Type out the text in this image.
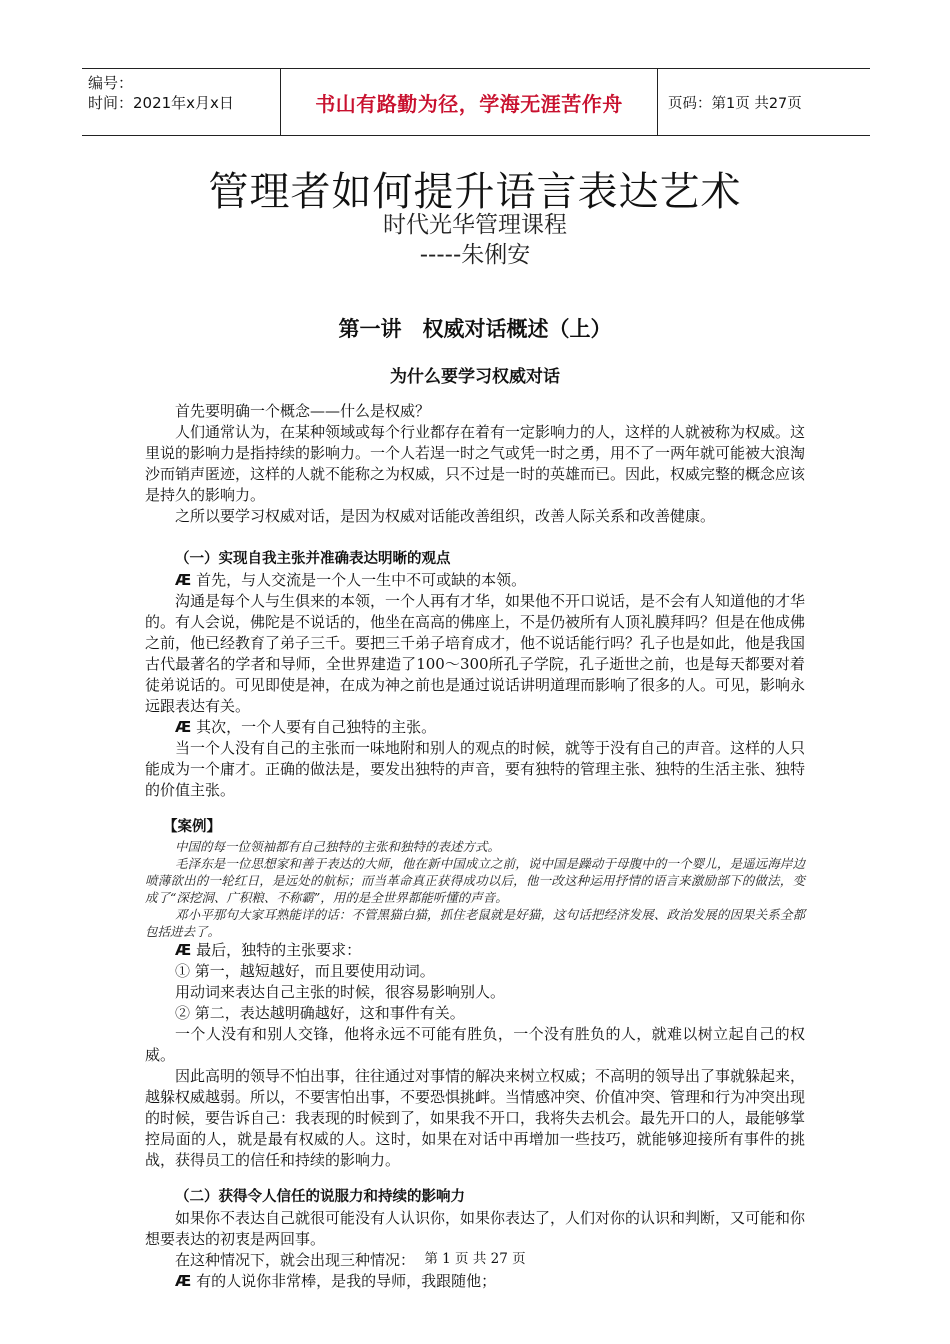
编号：
时间：2021年x月x日	书山有路勤为径，学海无涯苦作舟	页码：第1页 共27页
管理者如何提升语言表达艺术
时代光华管理课程
-----朱俐安
第一讲　权威对话概述（上）
为什么要学习权威对话

首先要明确一个概念——什么是权威？

人们通常认为，在某种领域或每个行业都存在着有一定影响力的人，这样的人就被称为权威。这里说的影响力是指持续的影响力。一个人若逞一时之气或凭一时之勇，用不了一两年就可能被大浪淘沙而销声匿迹，这样的人就不能称之为权威，只不过是一时的英雄而已。因此，权威完整的概念应该是持久的影响力。

之所以要学习权威对话，是因为权威对话能改善组织，改善人际关系和改善健康。

（一）实现自我主张并准确表达明晰的观点

Æ 首先，与人交流是一个人一生中不可或缺的本领。

沟通是每个人与生俱来的本领，一个人再有才华，如果他不开口说话，是不会有人知道他的才华的。有人会说，佛陀是不说话的，他坐在高高的佛座上，不是仍被所有人顶礼膜拜吗？但是在他成佛之前，他已经教育了弟子三千。要把三千弟子培育成才，他不说话能行吗？孔子也是如此，他是我国古代最著名的学者和导师，全世界建造了100～300所孔子学院，孔子逝世之前，也是每天都要对着徒弟说话的。可见即使是神，在成为神之前也是通过说话讲明道理而影响了很多的人。可见，影响永远跟表达有关。

Æ 其次，一个人要有自己独特的主张。

当一个人没有自己的主张而一味地附和别人的观点的时候，就等于没有自己的声音。这样的人只能成为一个庸才。正确的做法是，要发出独特的声音，要有独特的管理主张、独特的生活主张、独特的价值主张。

【案例】

中国的每一位领袖都有自己独特的主张和独特的表述方式。

毛泽东是一位思想家和善于表达的大师，他在新中国成立之前，说中国是躁动于母腹中的一个婴儿，是遥远海岸边喷薄欲出的一轮红日，是远处的航标；而当革命真正获得成功以后，他一改这种运用抒情的语言来激励部下的做法，变成了“深挖洞、广积粮、不称霸”，用的是全世界都能听懂的声音。

邓小平那句大家耳熟能详的话：不管黑猫白猫，抓住老鼠就是好猫，这句话把经济发展、政治发展的因果关系全都包括进去了。

Æ 最后，独特的主张要求：

① 第一，越短越好，而且要使用动词。

用动词来表达自己主张的时候，很容易影响别人。

② 第二，表达越明确越好，这和事件有关。

一个人没有和别人交锋，他将永远不可能有胜负，一个没有胜负的人，就难以树立起自己的权威。

因此高明的领导不怕出事，往往通过对事情的解决来树立权威；不高明的领导出了事就躲起来，越躲权威越弱。所以，不要害怕出事，不要恐惧挑衅。当情感冲突、价值冲突、管理和行为冲突出现的时候，要告诉自己：我表现的时候到了，如果我不开口，我将失去机会。最先开口的人，最能够掌控局面的人，就是最有权威的人。这时，如果在对话中再增加一些技巧，就能够迎接所有事件的挑战，获得员工的信任和持续的影响力。

（二）获得令人信任的说服力和持续的影响力

如果你不表达自己就很可能没有人认识你，如果你表达了，人们对你的认识和判断，又可能和你想要表达的初衷是两回事。

在这种情况下，就会出现三种情况：

Æ 有的人说你非常棒，是我的导师，我跟随他；

第 1 页 共 27 页
